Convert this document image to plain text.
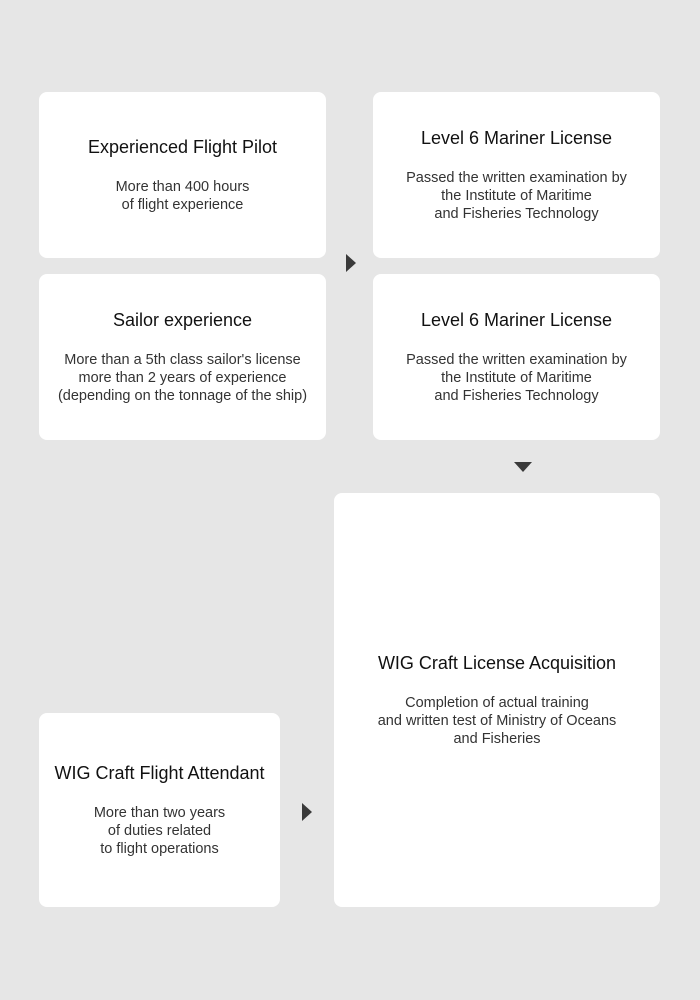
Experienced Flight Pilot

More than 400 hours
of flight experience

Sailor experience

More than a 5th class sailor's license
more than 2 years of experience
(depending on the tonnage of the ship)

Level 6 Mariner License

Passed the written examination by
the Institute of Maritime
and Fisheries Technology

Level 6 Mariner License

Passed the written examination by
the Institute of Maritime
and Fisheries Technology

WIG Craft Flight Attendant

More than two years
of duties related
to flight operations

WIG Craft License Acquisition

Completion of actual training
and written test of Ministry of Oceans
and Fisheries
